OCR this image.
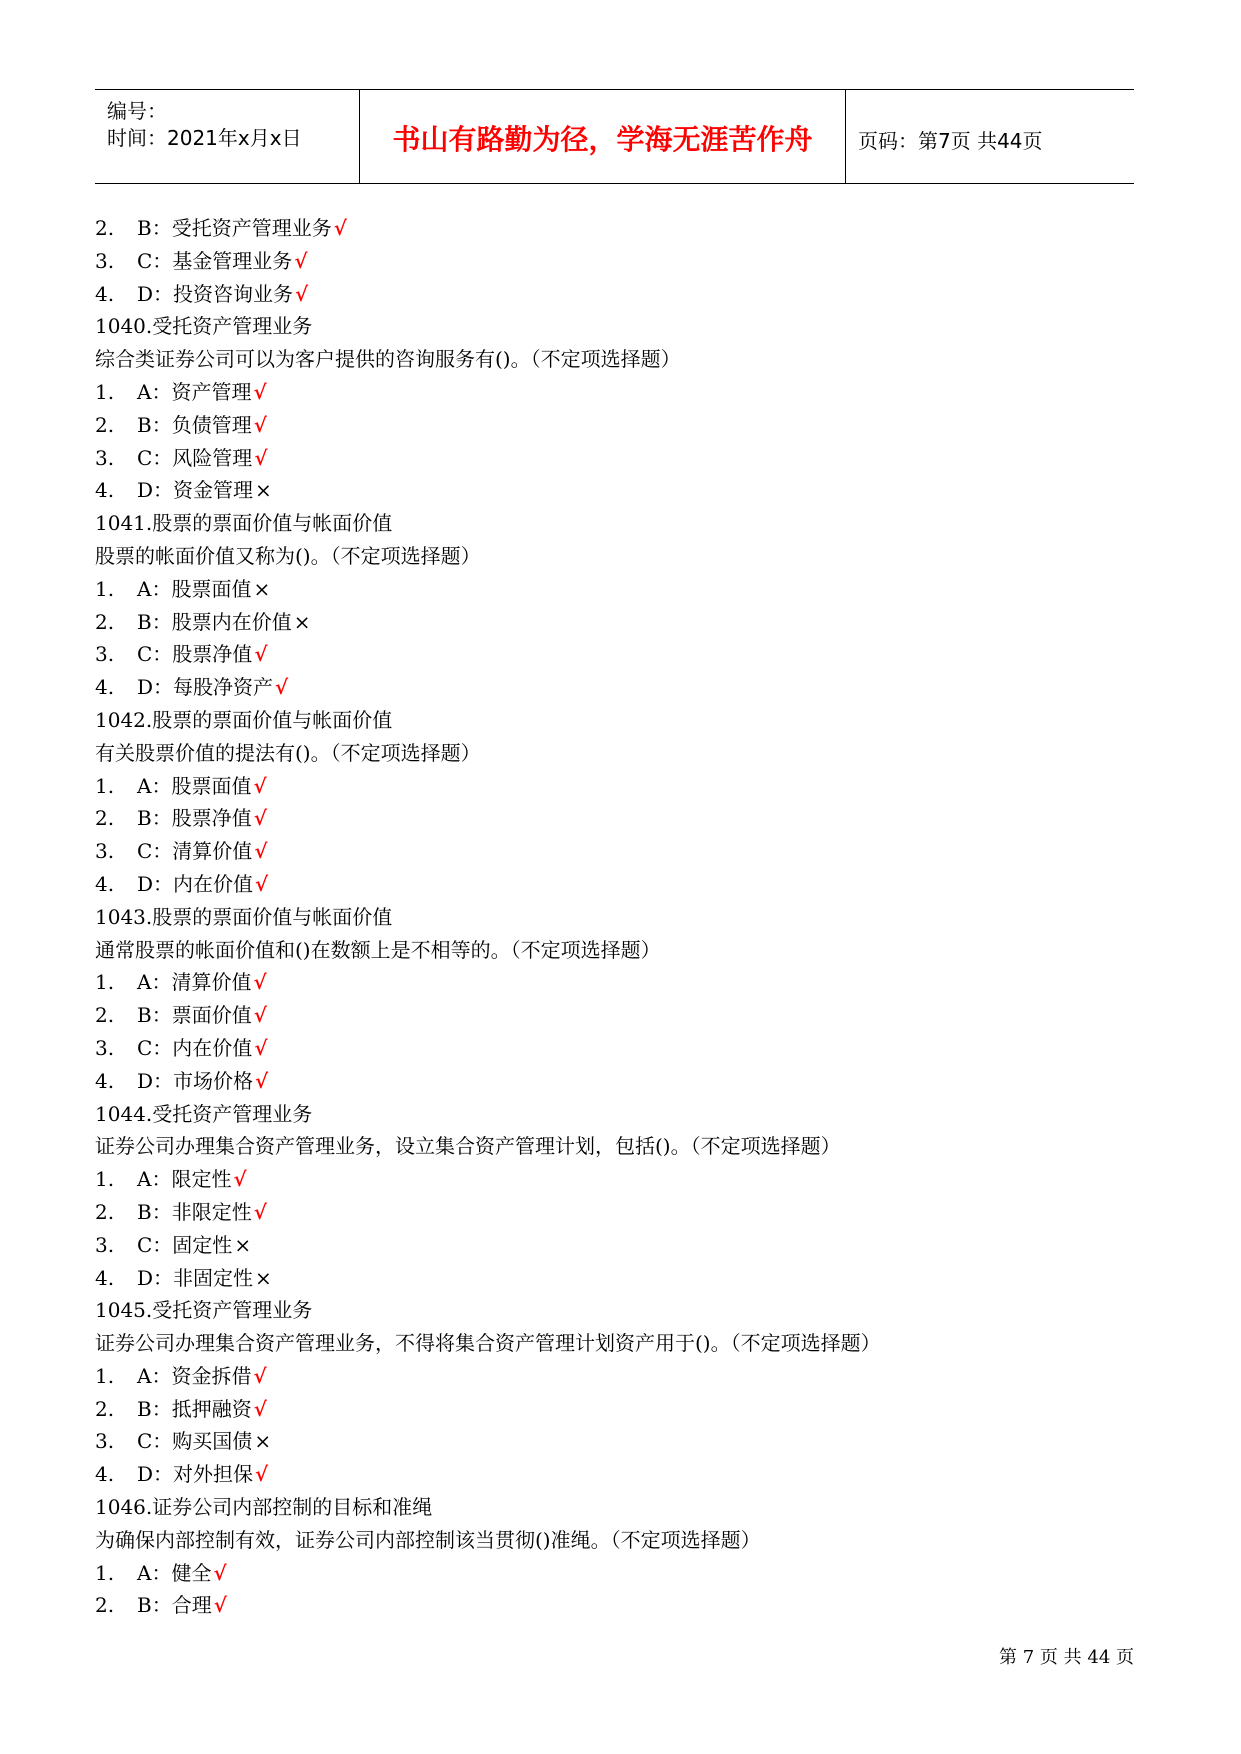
编号：
时间：2021年x月x日	书山有路勤为径，学海无涯苦作舟	页码：第7页 共44页
2. B：受托资产管理业务 √
3. C：基金管理业务 √
4. D：投资咨询业务 √
1040.受托资产管理业务
综合类证券公司可以为客户提供的咨询服务有()。（不定项选择题）
1. A：资产管理 √
2. B：负债管理 √
3. C：风险管理 √
4. D：资金管理 ×
1041.股票的票面价值与帐面价值
股票的帐面价值又称为()。（不定项选择题）
1. A：股票面值 ×
2. B：股票内在价值 ×
3. C：股票净值 √
4. D：每股净资产 √
1042.股票的票面价值与帐面价值
有关股票价值的提法有()。（不定项选择题）
1. A：股票面值 √
2. B：股票净值 √
3. C：清算价值 √
4. D：内在价值 √
1043.股票的票面价值与帐面价值
通常股票的帐面价值和()在数额上是不相等的。（不定项选择题）
1. A：清算价值 √
2. B：票面价值 √
3. C：内在价值 √
4. D：市场价格 √
1044.受托资产管理业务
证券公司办理集合资产管理业务，设立集合资产管理计划，包括()。（不定项选择题）
1. A：限定性 √
2. B：非限定性 √
3. C：固定性 ×
4. D：非固定性 ×
1045.受托资产管理业务
证券公司办理集合资产管理业务，不得将集合资产管理计划资产用于()。（不定项选择题）
1. A：资金拆借 √
2. B：抵押融资 √
3. C：购买国债 ×
4. D：对外担保 √
1046.证券公司内部控制的目标和准绳
为确保内部控制有效，证券公司内部控制该当贯彻()准绳。（不定项选择题）
1. A：健全 √
2. B：合理 √
第 7 页 共 44 页
